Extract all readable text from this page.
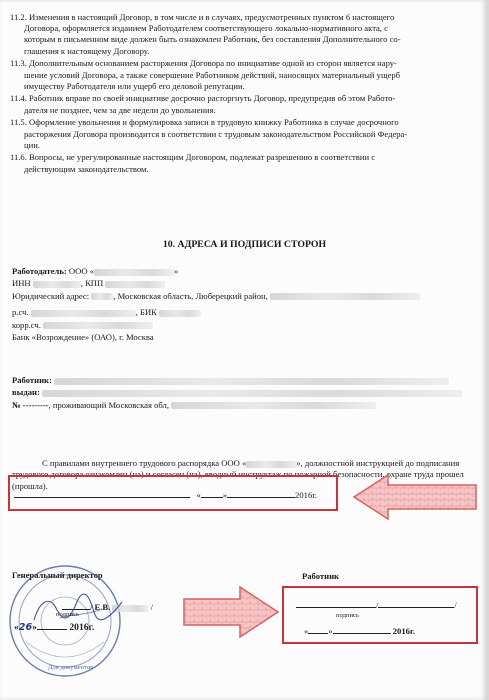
11.2. Изменения в настоящий Договор, в том числе и в случаях, предусмотренных пунктом 6 настоящего
Договора, оформляется изданием Работодателем соответствующего локально-нормативного акта, с
которым в письменном виде должен быть ознакомлен Работник, без составления Дополнительного со-
глашения к настоящему Договору.
11.3. Дополнительным основанием расторжения Договора по инициативе одной из сторон является нару-
шение условий Договора, а также совершение Работником действий, наносящих материальный ущерб
имуществу Работодателя или ущерб его деловой репутации.
11.4. Работник вправе по своей инициативе досрочно расторгнуть Договор, предупредив об этом Работо-
дателя не позднее, чем за две недели до увольнения.
11.5. Оформление увольнения и формулировка записи в трудовую книжку Работника в случае досрочного
расторжения Договора производится в соответствии с трудовым законодательством Российской Федера-
ции.
11.6. Вопросы, не урегулированные настоящим Договором, подлежат разрешению в соответствии с
действующим законодательством.
10. АДРЕСА И ПОДПИСИ СТОРОН
Работодатель: ООО «	»
ИНН	, КПП
Юридический адрес:	, Московская область, Люберецкий район,
р.сч.	, БИК
корр.сч.
Банк «Возрождение» (ОАО), г. Москва
Работник:
выдан:
№ ---------, проживающий Московская обл,
С правилами внутреннего трудового распорядка ООО «	», должностной инструкцией до подписания трудового договора ознакомлен (на) и согласен (на), вводный инструктаж по пожарной безопасности, охране труда прошел (прошла).
«	»	2016г.
Генеральный директор
Для документов
/ Е.В.	/
подпись
«26»	2016г.
Работник
/	/
подпись
« »	2016г.
